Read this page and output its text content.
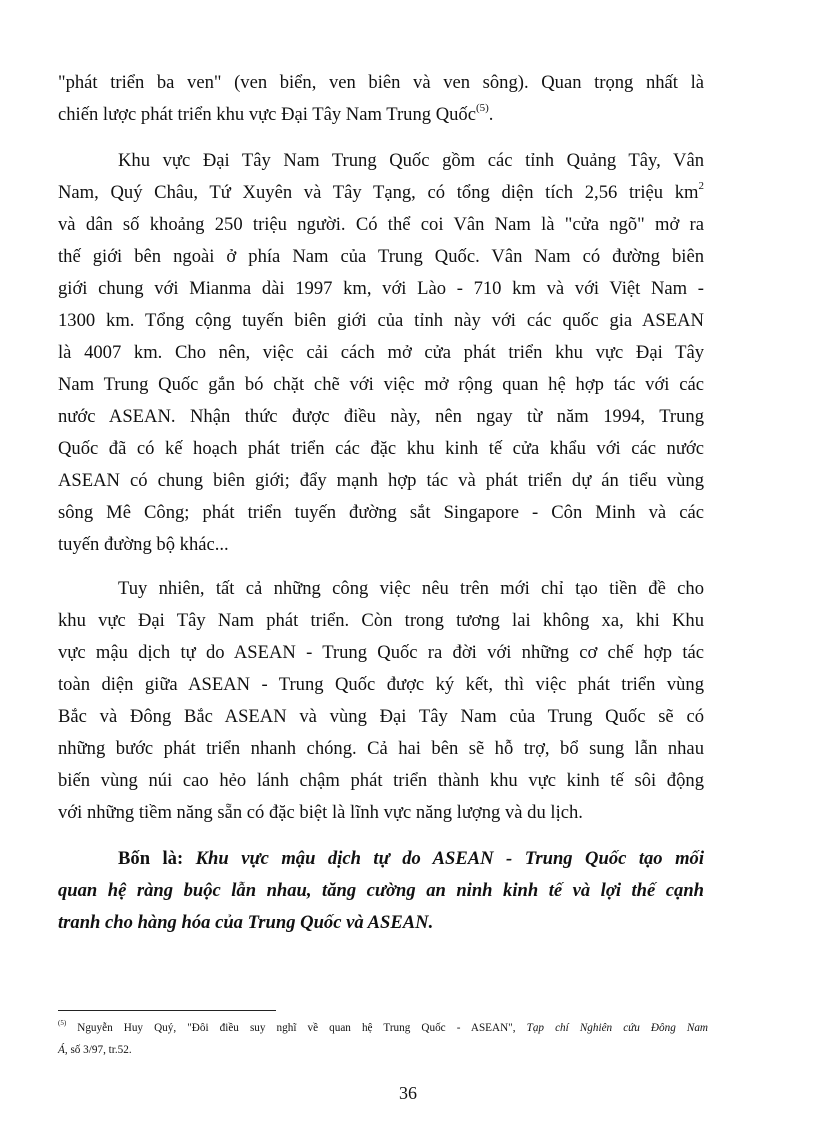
"phát triển ba ven" (ven biển, ven biên và ven sông). Quan trọng nhất là
chiến lược phát triển khu vực Đại Tây Nam Trung Quốc$^{(5)}$.
Khu vực Đại Tây Nam Trung Quốc gồm các tỉnh Quảng Tây, Vân
Nam, Quý Châu, Tứ Xuyên và Tây Tạng, có tổng diện tích 2,56 triệu $km^2$
và dân số khoảng 250 triệu người. Có thể coi Vân Nam là "cửa ngõ" mở ra
thế giới bên ngoài ở phía Nam của Trung Quốc. Vân Nam có đường biên
giới chung với Mianma dài 1997 km, với Lào - 710 km và với Việt Nam -
1300 km. Tổng cộng tuyến biên giới của tỉnh này với các quốc gia ASEAN
là 4007 km. Cho nên, việc cải cách mở cửa phát triển khu vực Đại Tây
Nam Trung Quốc gắn bó chặt chẽ với việc mở rộng quan hệ hợp tác với các
nước ASEAN. Nhận thức được điều này, nên ngay từ năm 1994, Trung
Quốc đã có kế hoạch phát triển các đặc khu kinh tế cửa khẩu với các nước
ASEAN có chung biên giới; đẩy mạnh hợp tác và phát triển dự án tiểu vùng
sông Mê Công; phát triển tuyến đường sắt Singapore - Côn Minh và các
tuyến đường bộ khác...
Tuy nhiên, tất cả những công việc nêu trên mới chỉ tạo tiền đề cho
khu vực Đại Tây Nam phát triển. Còn trong tương lai không xa, khi Khu
vực mậu dịch tự do ASEAN - Trung Quốc ra đời với những cơ chế hợp tác
toàn diện giữa ASEAN - Trung Quốc được ký kết, thì việc phát triển vùng
Bắc và Đông Bắc ASEAN và vùng Đại Tây Nam của Trung Quốc sẽ có
những bước phát triển nhanh chóng. Cả hai bên sẽ hỗ trợ, bổ sung lẫn nhau
biến vùng núi cao hẻo lánh chậm phát triển thành khu vực kinh tế sôi động
với những tiềm năng sẵn có đặc biệt là lĩnh vực năng lượng và du lịch.
Bốn là: Khu vực mậu dịch tự do ASEAN - Trung Quốc tạo mối
quan hệ ràng buộc lẫn nhau, tăng cường an ninh kinh tế và lợi thế cạnh
tranh cho hàng hóa của Trung Quốc và ASEAN.
$^{(5)}$ Nguyễn Huy Quý, "Đôi điều suy nghĩ về quan hệ Trung Quốc - ASEAN", Tạp chí Nghiên cứu Đông Nam
Á, số 3/97, tr.52.
36
